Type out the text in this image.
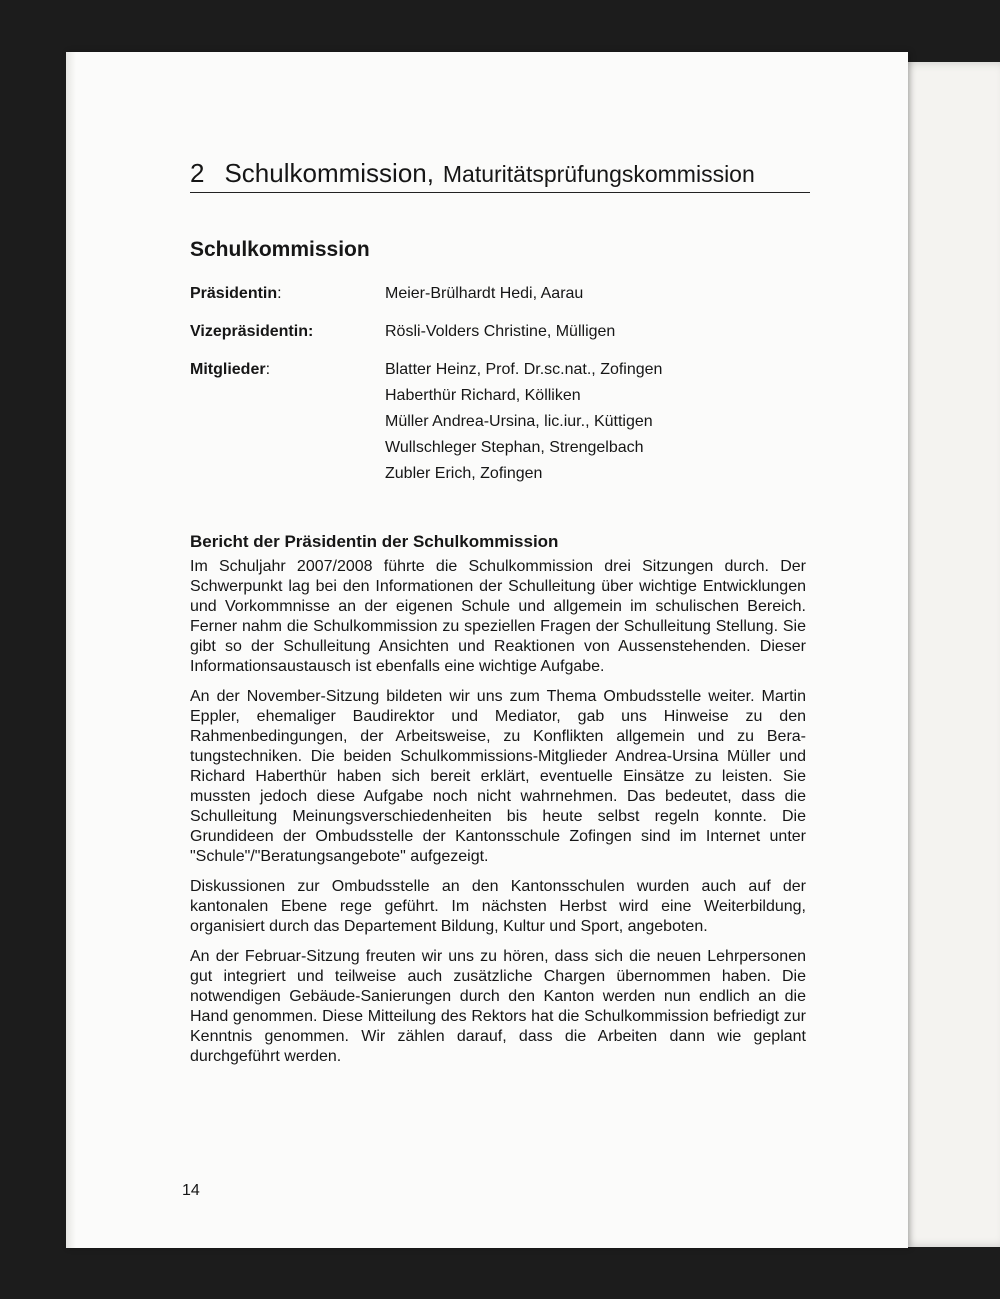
2 Schulkommission, Maturitätsprüfungskommission
Schulkommission
Präsidentin:	Meier-Brülhardt Hedi, Aarau
Vizepräsidentin:	Rösli-Volders Christine, Mülligen
Mitglieder:	Blatter Heinz, Prof. Dr.sc.nat., Zofingen
Haberthür Richard, Kölliken
Müller Andrea-Ursina, lic.iur., Küttigen
Wullschleger Stephan, Strengelbach
Zubler Erich, Zofingen
Bericht der Präsidentin der Schulkommission

Im Schuljahr 2007/2008 führte die Schulkommission drei Sitzungen durch. Der Schwerpunkt lag bei den Informationen der Schulleitung über wichtige Entwicklungen und Vorkommnisse an der eigenen Schule und allgemein im schulischen Bereich. Ferner nahm die Schulkommission zu speziellen Fragen der Schulleitung Stellung. Sie gibt so der Schulleitung Ansichten und Reaktionen von Aussenstehenden. Dieser Informationsaustausch ist ebenfalls eine wichtige Aufgabe.

An der November-Sitzung bildeten wir uns zum Thema Ombudsstelle weiter. Martin Eppler, ehemaliger Baudirektor und Mediator, gab uns Hinweise zu den Rahmenbedingungen, der Arbeitsweise, zu Konflikten allgemein und zu Beratungstechniken. Die beiden Schulkommissions-Mitglieder Andrea-Ursina Müller und Richard Haberthür haben sich bereit erklärt, eventuelle Einsätze zu leisten. Sie mussten jedoch diese Aufgabe noch nicht wahrnehmen. Das bedeutet, dass die Schulleitung Meinungsverschiedenheiten bis heute selbst regeln konnte. Die Grundideen der Ombudsstelle der Kantonsschule Zofingen sind im Internet unter "Schule"/"Beratungsangebote" aufgezeigt.

Diskussionen zur Ombudsstelle an den Kantonsschulen wurden auch auf der kantonalen Ebene rege geführt. Im nächsten Herbst wird eine Weiterbildung, organisiert durch das Departement Bildung, Kultur und Sport, angeboten.

An der Februar-Sitzung freuten wir uns zu hören, dass sich die neuen Lehrpersonen gut integriert und teilweise auch zusätzliche Chargen übernommen haben. Die notwendigen Gebäude-Sanierungen durch den Kanton werden nun endlich an die Hand genommen. Diese Mitteilung des Rektors hat die Schulkommission befriedigt zur Kenntnis genommen. Wir zählen darauf, dass die Arbeiten dann wie geplant durchgeführt werden.

14
